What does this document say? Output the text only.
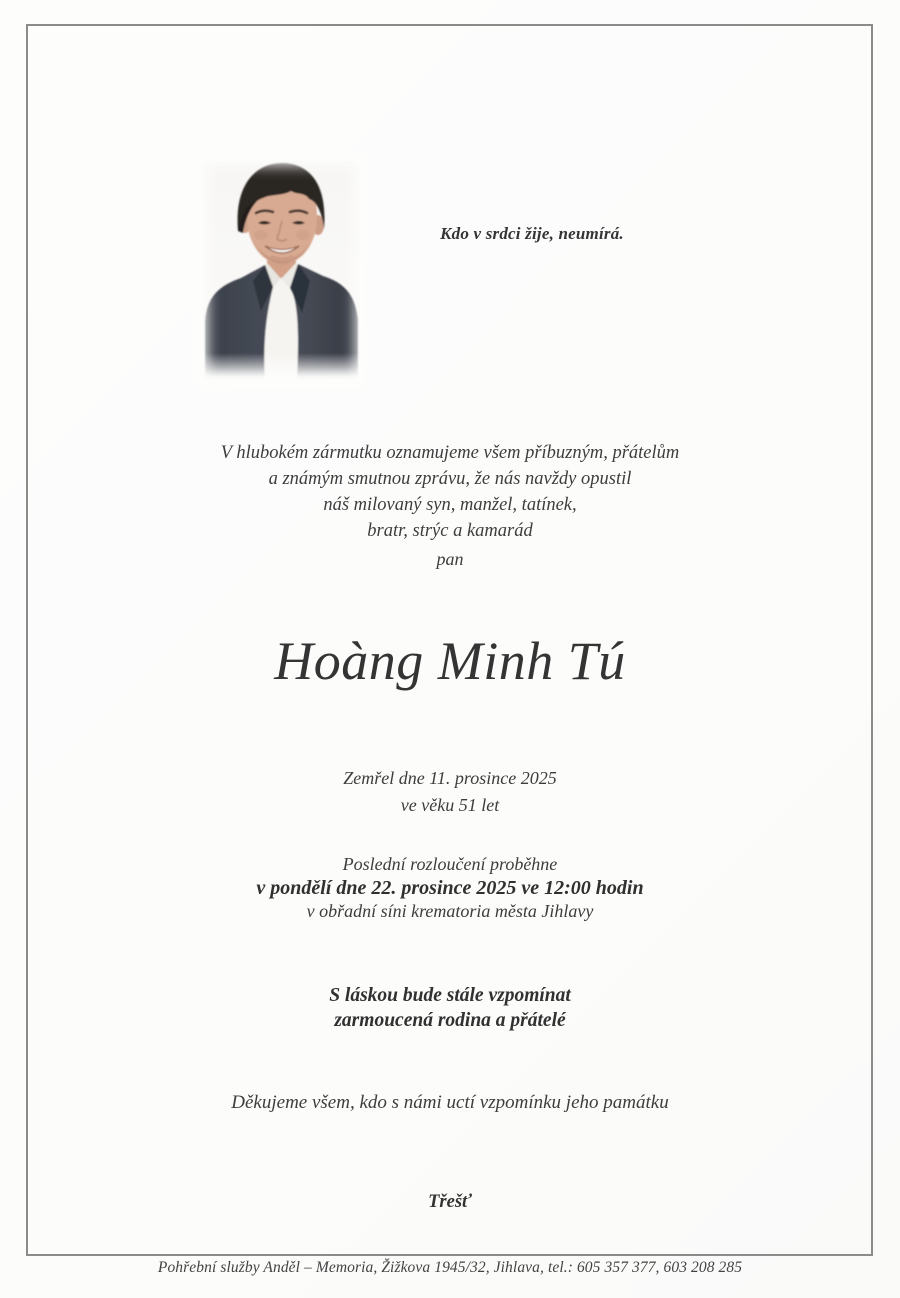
Kdo v srdci žije, neumírá.
V hlubokém zármutku oznamujeme všem příbuzným, přátelům
a známým smutnou zprávu, že nás navždy opustil
náš milovaný syn, manžel, tatínek,
bratr, strýc a kamarád
pan
Hoàng Minh Tú
Zemřel dne 11. prosince 2025
ve věku 51 let
Poslední rozloučení proběhne
v pondělí dne 22. prosince 2025 ve 12:00 hodin
v obřadní síni krematoria města Jihlavy
S láskou bude stále vzpomínat
zarmoucená rodina a přátelé
Děkujeme všem, kdo s námi uctí vzpomínku jeho památku
Třešť
Pohřební služby Anděl – Memoria, Žižkova 1945/32, Jihlava, tel.: 605 357 377, 603 208 285
